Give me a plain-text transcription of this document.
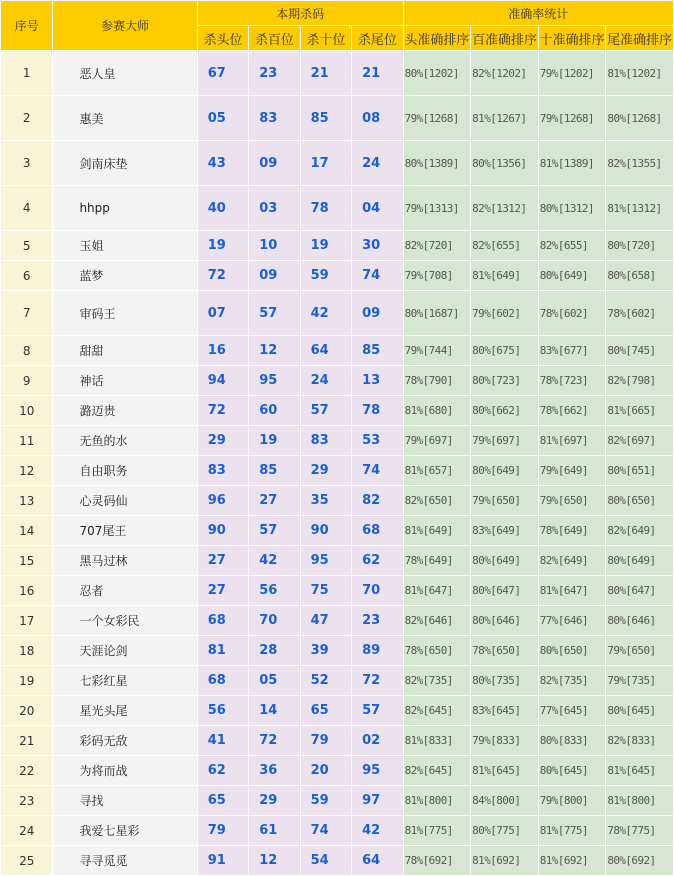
序号	参赛大师	本期杀码				准确率统计			
		杀头位	杀百位	杀十位	杀尾位	头准确排序	百准确排序	十准确排序	尾准确排序
1	恶人皇	67	23	21	21	80%[1202]	82%[1202]	79%[1202]	81%[1202]
2	惠美	05	83	85	08	79%[1268]	81%[1267]	79%[1268]	80%[1268]
3	剑南床垫	43	09	17	24	80%[1389]	80%[1356]	81%[1389]	82%[1355]
4	hhpp	40	03	78	04	79%[1313]	82%[1312]	80%[1312]	81%[1312]
5	玉姐	19	10	19	30	82%[720]	82%[655]	82%[655]	80%[720]
6	蓝梦	72	09	59	74	79%[708]	81%[649]	80%[649]	80%[658]
7	审码王	07	57	42	09	80%[1687]	79%[602]	78%[602]	78%[602]
8	甜甜	16	12	64	85	79%[744]	80%[675]	83%[677]	80%[745]
9	神话	94	95	24	13	78%[790]	80%[723]	78%[723]	82%[798]
10	潞迈贵	72	60	57	78	81%[680]	80%[662]	78%[662]	81%[665]
11	无鱼的水	29	19	83	53	79%[697]	79%[697]	81%[697]	82%[697]
12	自由职务	83	85	29	74	81%[657]	80%[649]	79%[649]	80%[651]
13	心灵码仙	96	27	35	82	82%[650]	79%[650]	79%[650]	80%[650]
14	707尾王	90	57	90	68	81%[649]	83%[649]	78%[649]	82%[649]
15	黑马过林	27	42	95	62	78%[649]	80%[649]	82%[649]	80%[649]
16	忍者	27	56	75	70	81%[647]	80%[647]	81%[647]	80%[647]
17	一个女彩民	68	70	47	23	82%[646]	80%[646]	77%[646]	80%[646]
18	天涯论剑	81	28	39	89	78%[650]	78%[650]	80%[650]	79%[650]
19	七彩红星	68	05	52	72	82%[735]	80%[735]	82%[735]	79%[735]
20	星光头尾	56	14	65	57	82%[645]	83%[645]	77%[645]	80%[645]
21	彩码无敌	41	72	79	02	81%[833]	79%[833]	80%[833]	82%[833]
22	为将而战	62	36	20	95	82%[645]	81%[645]	80%[645]	81%[645]
23	寻找	65	29	59	97	81%[800]	84%[800]	79%[800]	81%[800]
24	我爱七星彩	79	61	74	42	81%[775]	80%[775]	81%[775]	78%[775]
25	寻寻觅觅	91	12	54	64	78%[692]	81%[692]	81%[692]	80%[692]
